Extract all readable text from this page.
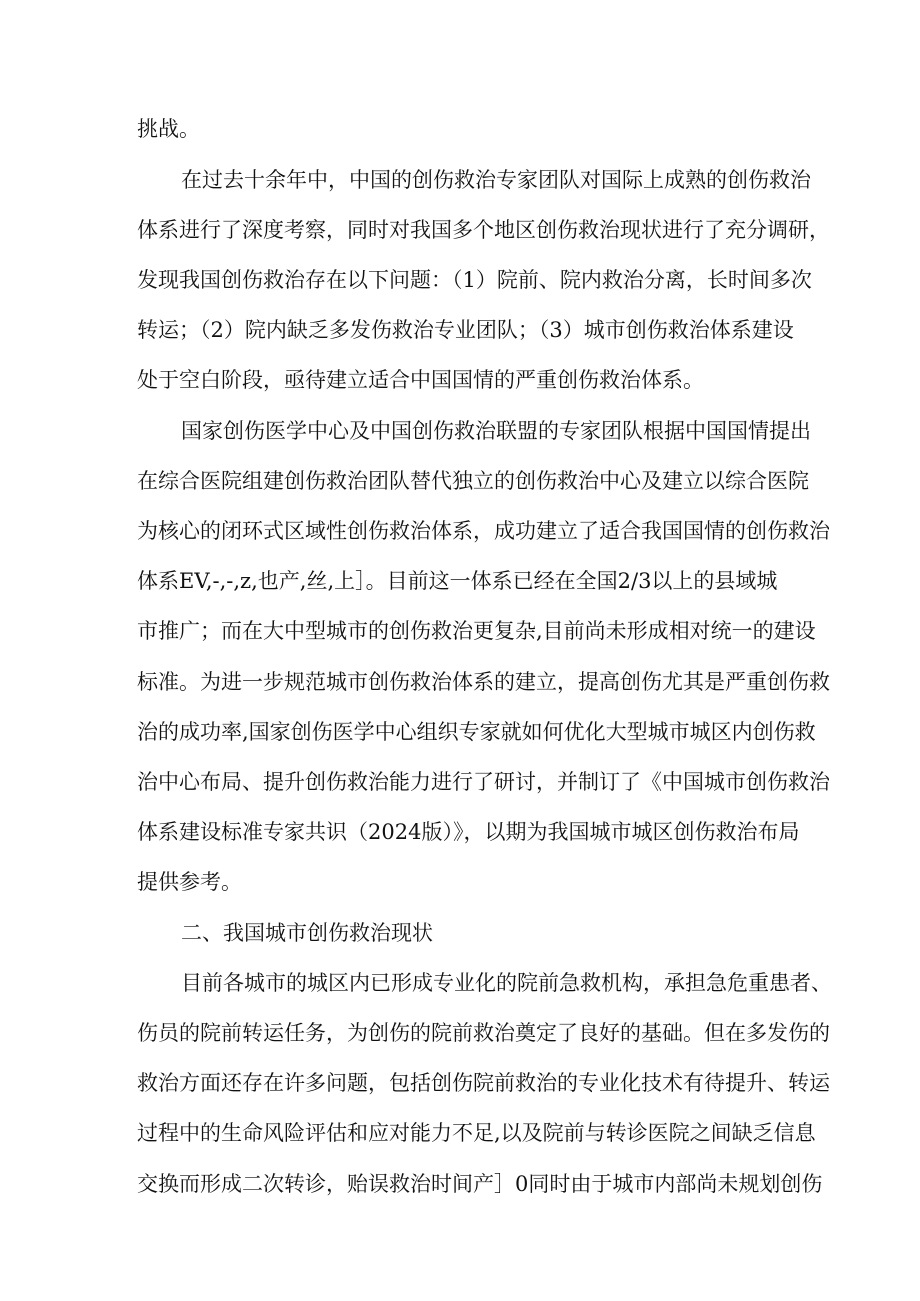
挑战。

在过去十余年中，中国的创伤救治专家团队对国际上成熟的创伤救治

体系进行了深度考察，同时对我国多个地区创伤救治现状进行了充分调研，

发现我国创伤救治存在以下问题：（1）院前、院内救治分离，长时间多次

转运；（2）院内缺乏多发伤救治专业团队；（3）城市创伤救治体系建设

处于空白阶段，亟待建立适合中国国情的严重创伤救治体系。

国家创伤医学中心及中国创伤救治联盟的专家团队根据中国国情提出

在综合医院组建创伤救治团队替代独立的创伤救治中心及建立以综合医院

为核心的闭环式区域性创伤救治体系，成功建立了适合我国国情的创伤救治

体系EV,-,-,z,也产,丝,上］。目前这一体系已经在全国2/3以上的县域城

市推广；而在大中型城市的创伤救治更复杂,目前尚未形成相对统一的建设

标准。为进一步规范城市创伤救治体系的建立，提高创伤尤其是严重创伤救

治的成功率,国家创伤医学中心组织专家就如何优化大型城市城区内创伤救

治中心布局、提升创伤救治能力进行了研讨，并制订了《中国城市创伤救治

体系建设标准专家共识（2024版）》，以期为我国城市城区创伤救治布局

提供参考。

二、我国城市创伤救治现状

目前各城市的城区内已形成专业化的院前急救机构，承担急危重患者、

伤员的院前转运任务，为创伤的院前救治奠定了良好的基础。但在多发伤的

救治方面还存在许多问题，包括创伤院前救治的专业化技术有待提升、转运

过程中的生命风险评估和应对能力不足,以及院前与转诊医院之间缺乏信息

交换而形成二次转诊，贻误救治时间产］0同时由于城市内部尚未规划创伤
